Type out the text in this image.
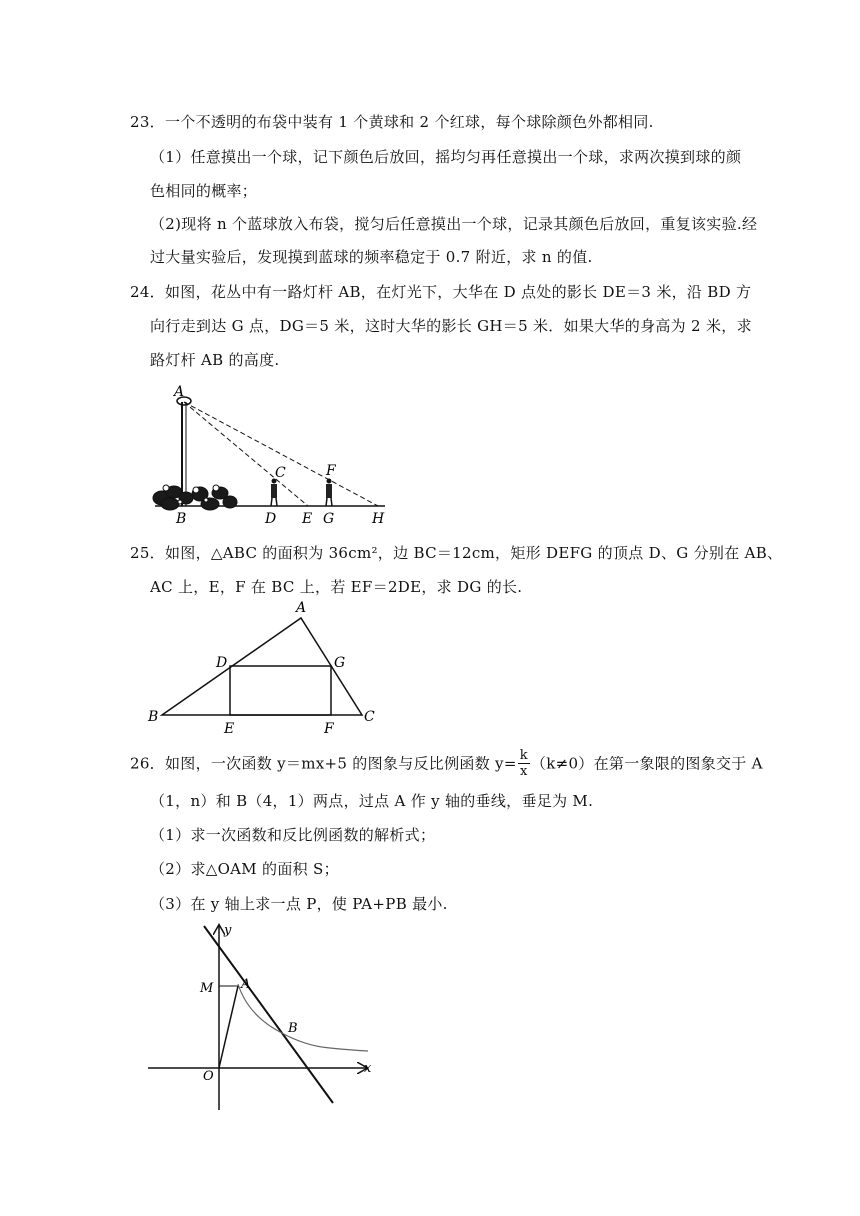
23．一个不透明的布袋中装有 1 个黄球和 2 个红球，每个球除颜色外都相同.
（1）任意摸出一个球，记下颜色后放回，摇均匀再任意摸出一个球，求两次摸到球的颜
色相同的概率；
（2)现将 n 个蓝球放入布袋，搅匀后任意摸出一个球，记录其颜色后放回，重复该实验.经
过大量实验后，发现摸到蓝球的频率稳定于 0.7 附近，求 n 的值.
24．如图，花丛中有一路灯杆 AB，在灯光下，大华在 D 点处的影长 DE＝3 米，沿 BD 方
向行走到达 G 点，DG＝5 米，这时大华的影长 GH＝5 米．如果大华的身高为 2 米，求
路灯杆 AB 的高度.
A
B
C
D E
F
G	H
25．如图，△ABC 的面积为 36cm²，边 BC＝12cm，矩形 DEFG 的顶点 D、G 分别在 AB、
AC 上，E，F 在 BC 上，若 EF＝2DE，求 DG 的长.
A
B	C
D
E	F
G
26．如图，一次函数 y＝mx+5 的图象与反比例函数 $y= \frac{k}{x} (k\ne 0)$在第一象限的图象交于 A
（1，n）和 B（4，1）两点，过点 A 作 y 轴的垂线，垂足为 M.
（1）求一次函数和反比例函数的解析式；
（2）求△OAM 的面积 S；
（3）在 y 轴上求一点 P，使 PA+PB 最小.
y
x
M A
B
O
